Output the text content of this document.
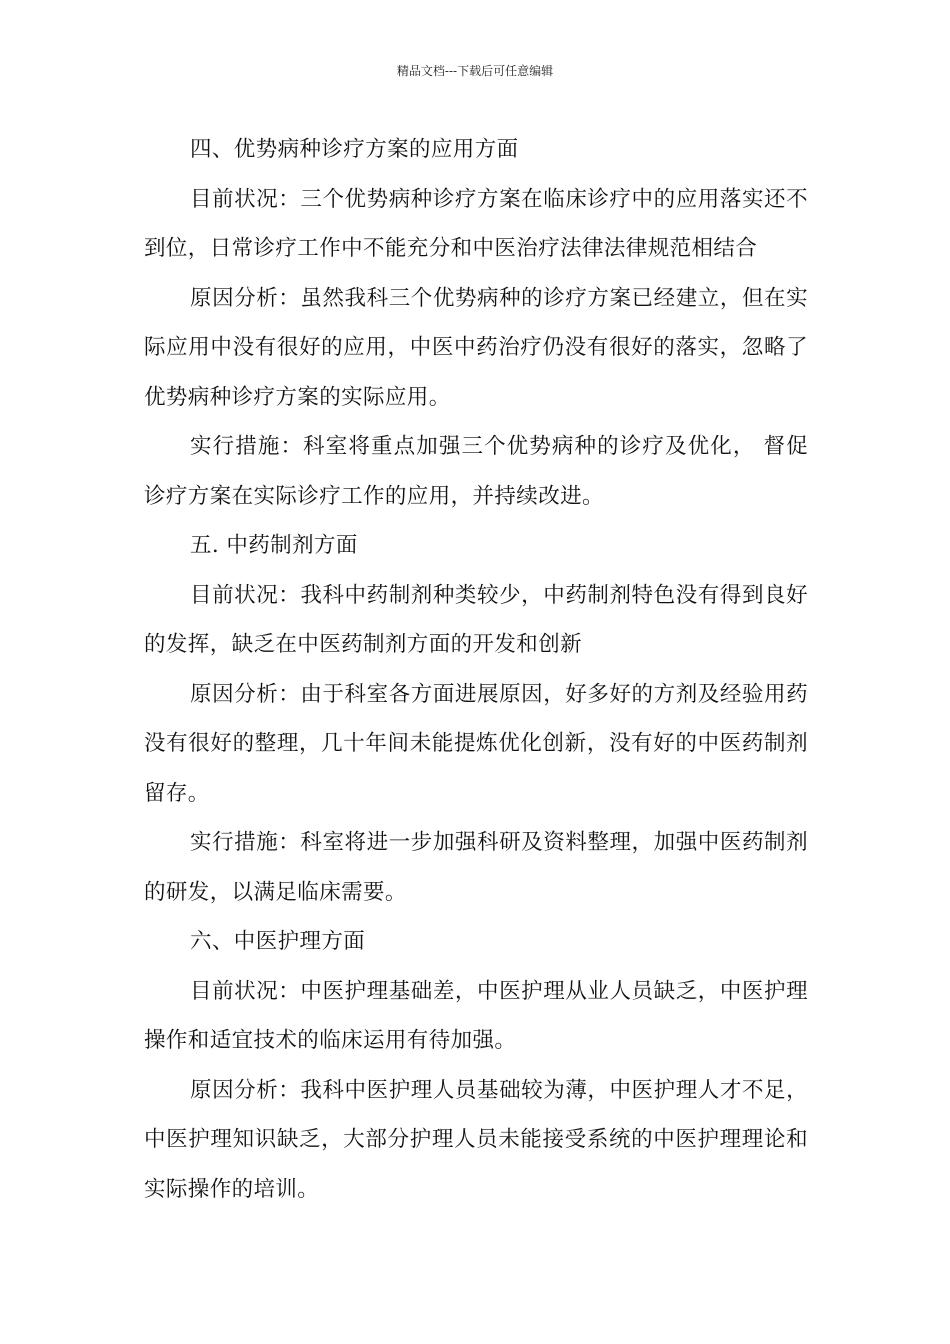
精品文档---下载后可任意编辑

四、优势病种诊疗方案的应用方面

目前状况：三个优势病种诊疗方案在临床诊疗中的应用落实还不到位，日常诊疗工作中不能充分和中医治疗法律法律规范相结合

原因分析：虽然我科三个优势病种的诊疗方案已经建立，但在实际应用中没有很好的应用，中医中药治疗仍没有很好的落实，忽略了优势病种诊疗方案的实际应用。

实行措施：科室将重点加强三个优势病种的诊疗及优化， 督促诊疗方案在实际诊疗工作的应用，并持续改进。

五. 中药制剂方面

目前状况：我科中药制剂种类较少，中药制剂特色没有得到良好的发挥，缺乏在中医药制剂方面的开发和创新

原因分析：由于科室各方面进展原因，好多好的方剂及经验用药没有很好的整理，几十年间未能提炼优化创新，没有好的中医药制剂留存。

实行措施：科室将进一步加强科研及资料整理，加强中医药制剂的研发，以满足临床需要。

六、中医护理方面

目前状况：中医护理基础差，中医护理从业人员缺乏，中医护理操作和适宜技术的临床运用有待加强。

原因分析：我科中医护理人员基础较为薄，中医护理人才不足，中医护理知识缺乏，大部分护理人员未能接受系统的中医护理理论和实际操作的培训。
